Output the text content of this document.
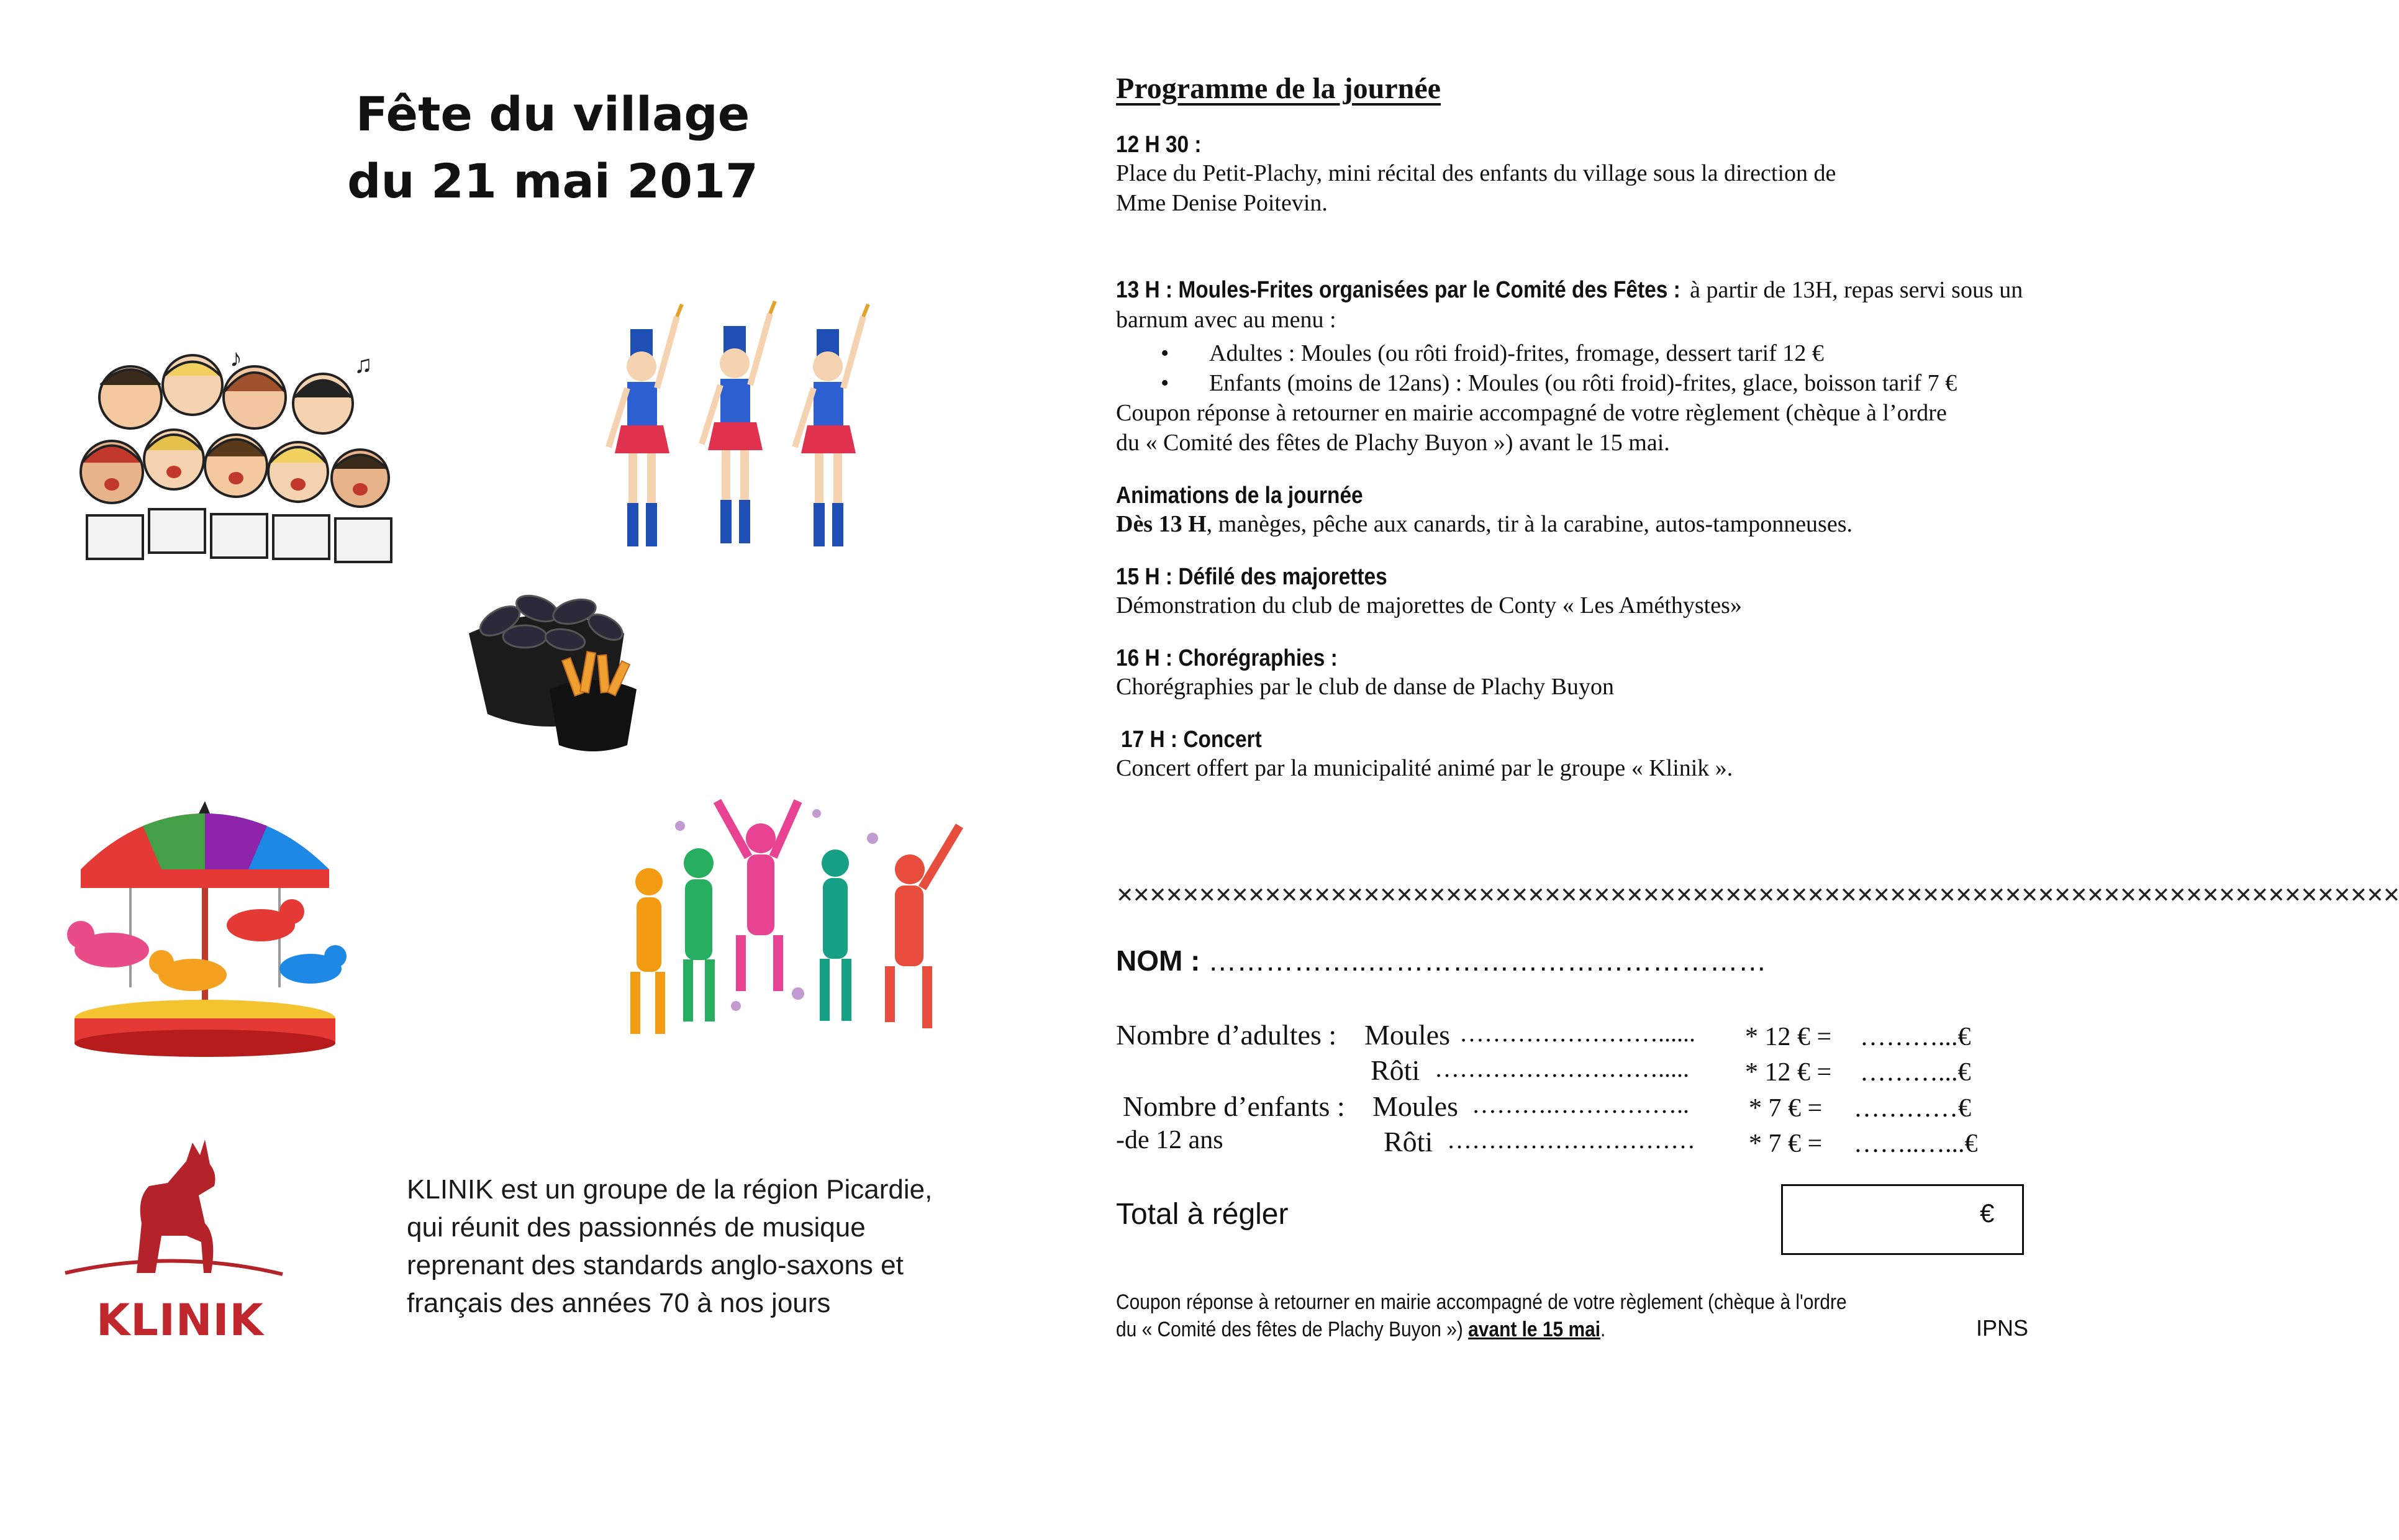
Fête du village
du 21 mai 2017
♪	♫
KLINIK
KLINIK est un groupe de la région Picardie,
qui réunit des passionnés de musique
reprenant des standards anglo-saxons et
français des années 70 à nos jours
Programme de la journée
12 H 30 :
Place du Petit-Plachy, mini récital des enfants du village sous la direction de
Mme Denise Poitevin.
13 H : Moules-Frites organisées par le Comité des Fêtes : à partir de 13H, repas servi sous un
barnum avec au menu :
• Adultes : Moules (ou rôti froid)-frites, fromage, dessert tarif 12 €
• Enfants (moins de 12ans) : Moules (ou rôti froid)-frites, glace, boisson tarif 7 €
Coupon réponse à retourner en mairie accompagné de votre règlement (chèque à l’ordre
du « Comité des fêtes de Plachy Buyon ») avant le 15 mai.
Animations de la journée
Dès 13 H, manèges, pêche aux canards, tir à la carabine, autos-tamponneuses.
15 H : Défilé des majorettes
Démonstration du club de majorettes de Conty « Les Améthystes»
16 H : Chorégraphies :
Chorégraphies par le club de danse de Plachy Buyon
17 H : Concert
Concert offert par la municipalité animé par le groupe « Klinik ».
✕✕✕✕✕✕✕✕✕✕✕✕✕✕✕✕✕✕✕✕✕✕✕✕✕✕✕✕✕✕✕✕✕✕✕✕✕✕✕✕✕✕✕✕✕✕✕✕✕✕✕✕✕✕✕✕✕✕✕✕✕✕✕✕✕✕✕✕✕✕✕✕✕✕✕✕✕✕
NOM : ……………..……………………………………
Nombre d’adultes : Moules ……………………...... * 12 € = ………...€
Rôti ………………………..... * 12 € = ………...€
Nombre d’enfants : Moules ……….…………….. * 7 € = …………€
-de 12 ans	Rôti ………………………… * 7 € = ……..…...€
Total à régler	€
Coupon réponse à retourner en mairie accompagné de votre règlement (chèque à l'ordre
du « Comité des fêtes de Plachy Buyon ») avant le 15 mai.	IPNS
